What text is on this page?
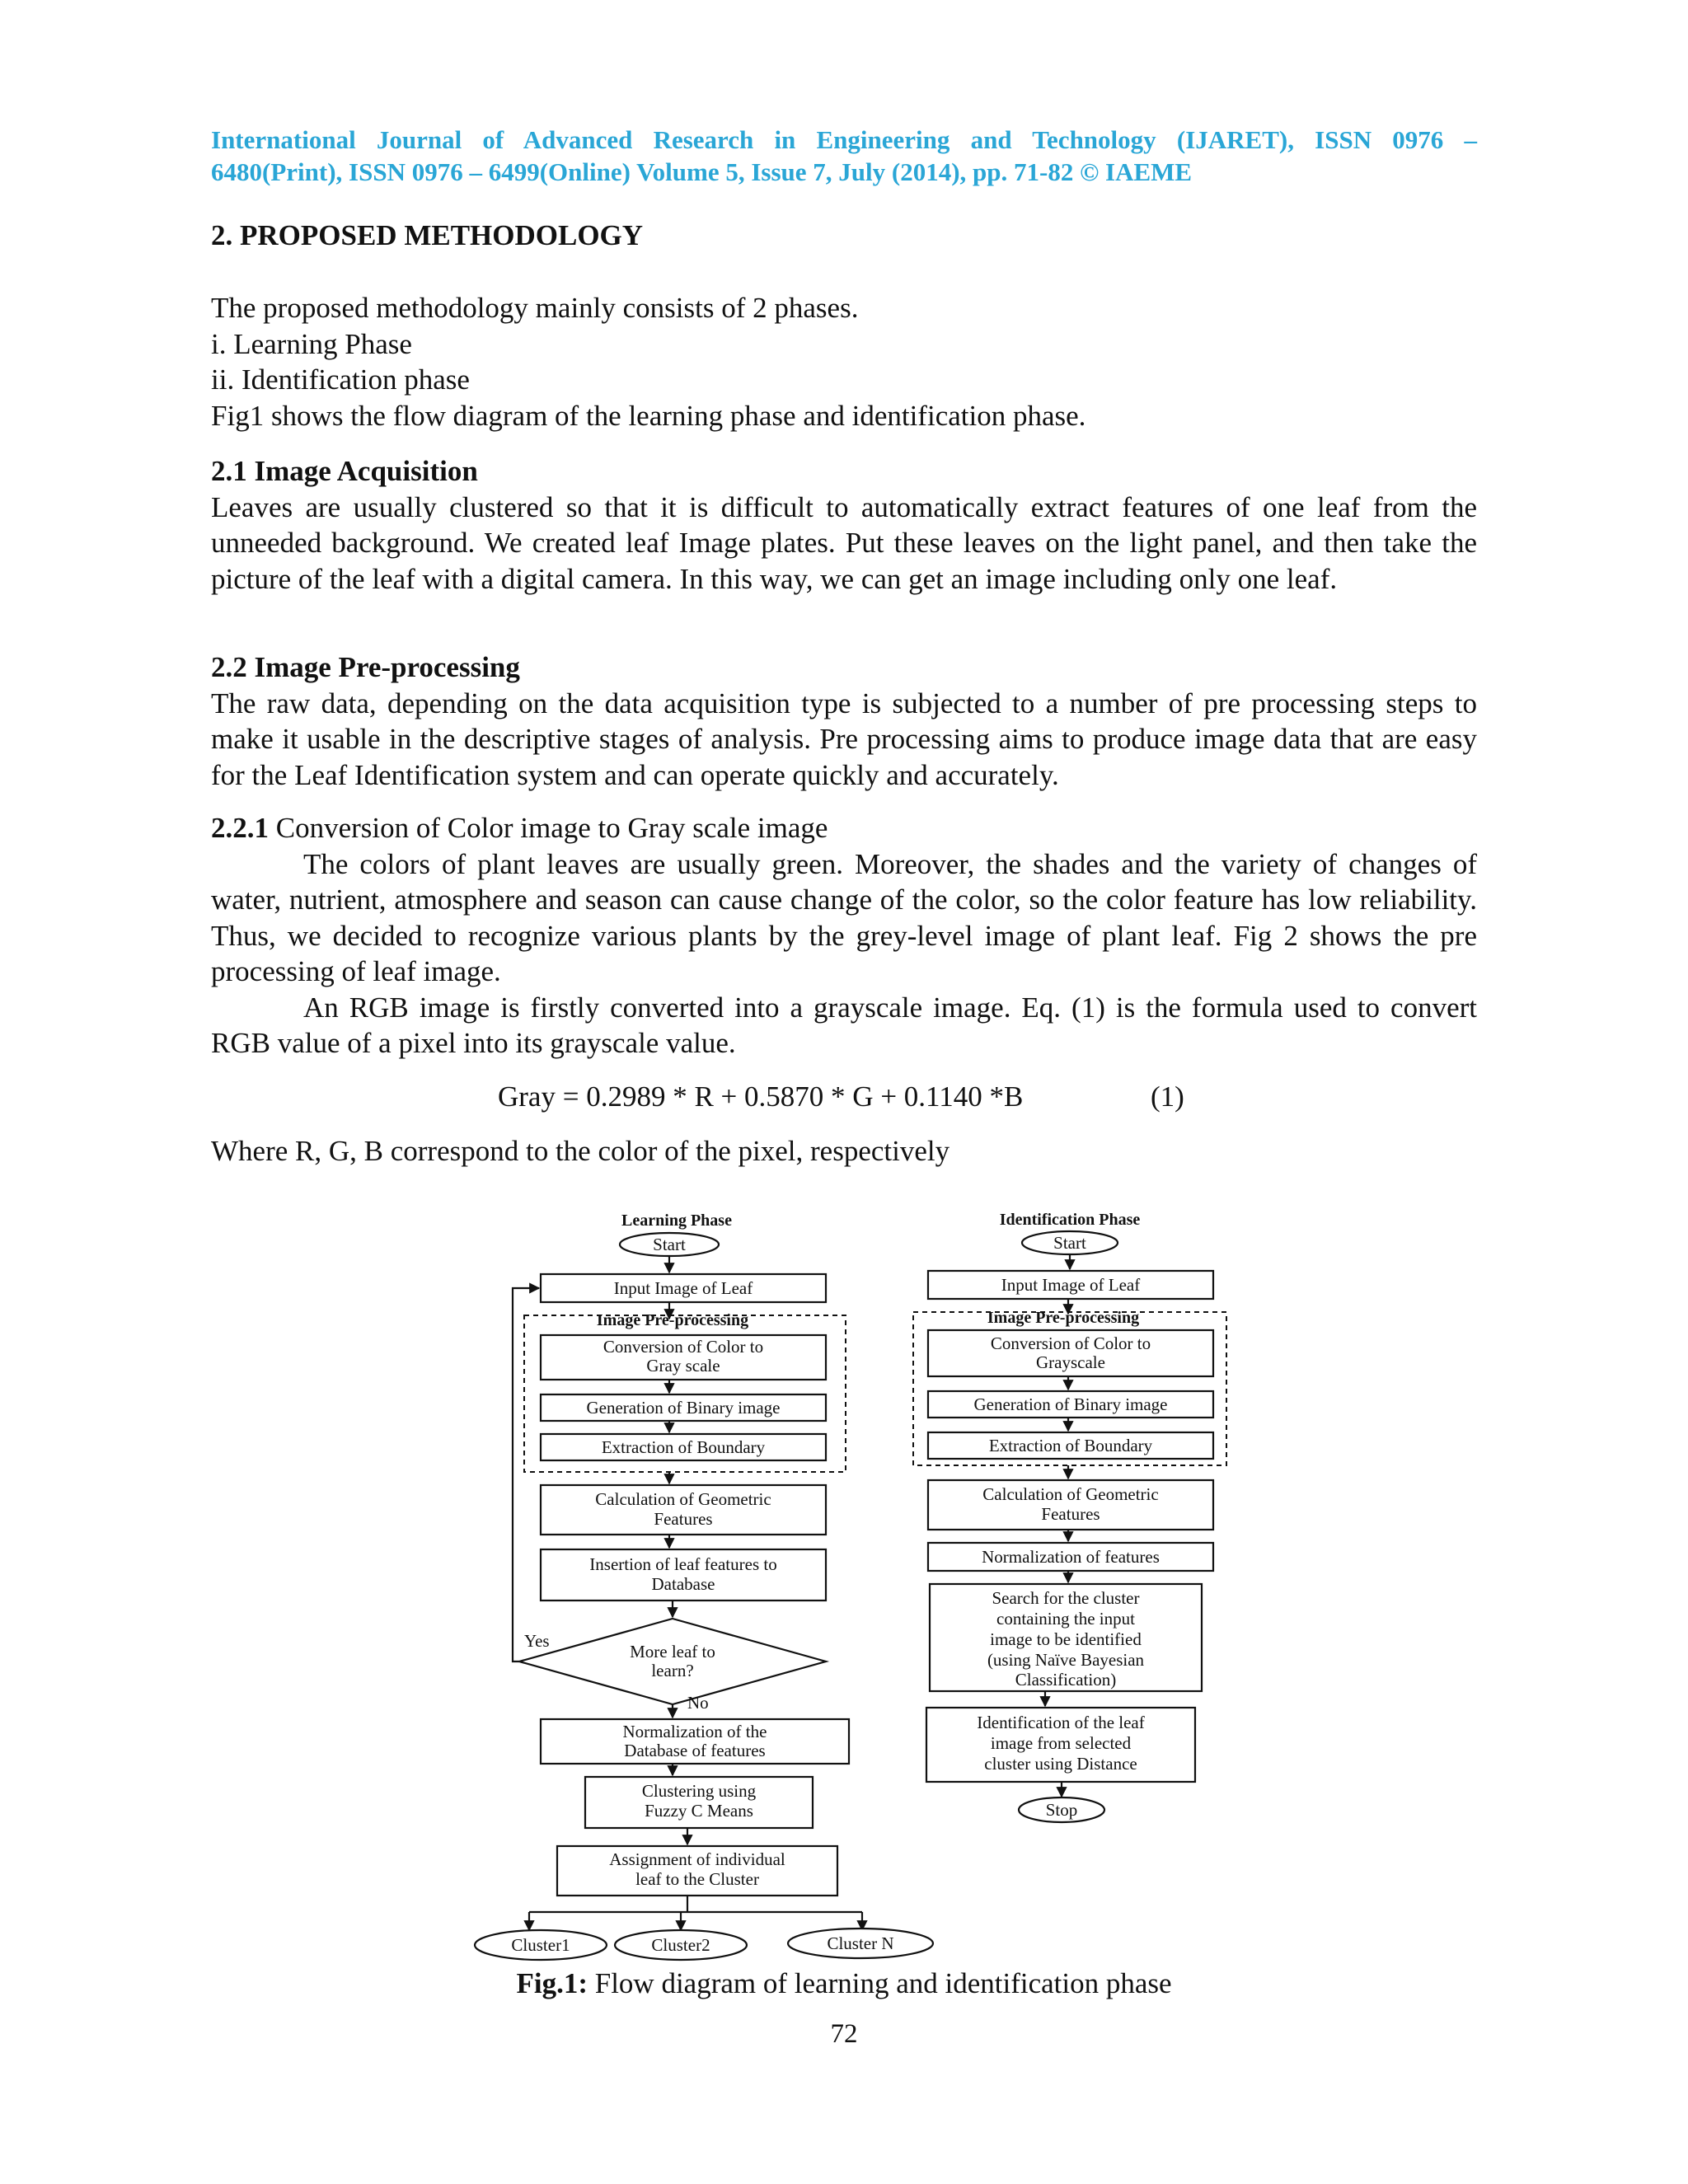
International Journal of Advanced Research in Engineering and Technology (IJARET), ISSN 0976 –
6480(Print), ISSN 0976 – 6499(Online) Volume 5, Issue 7, July (2014), pp. 71-82 © IAEME
2. PROPOSED METHODOLOGY
The proposed methodology mainly consists of 2 phases.
i. Learning Phase
ii. Identification phase
Fig1 shows the flow diagram of the learning phase and identification phase.
2.1 Image Acquisition
Leaves are usually clustered so that it is difficult to automatically extract features of one leaf from the unneeded background. We created leaf Image plates. Put these leaves on the light panel, and then take the picture of the leaf with a digital camera. In this way, we can get an image including only one leaf.
2.2 Image Pre-processing
The raw data, depending on the data acquisition type is subjected to a number of pre processing steps to make it usable in the descriptive stages of analysis. Pre processing aims to produce image data that are easy for the Leaf Identification system and can operate quickly and accurately.
2.2.1 Conversion of Color image to Gray scale image
The colors of plant leaves are usually green. Moreover, the shades and the variety of changes of water, nutrient, atmosphere and season can cause change of the color, so the color feature has low reliability. Thus, we decided to recognize various plants by the grey-level image of plant leaf. Fig 2 shows the pre processing of leaf image.
An RGB image is firstly converted into a grayscale image. Eq. (1) is the formula used to convert RGB value of a pixel into its grayscale value.
Gray = 0.2989 * R + 0.5870 * G + 0.1140 *B	(1)
Where R, G, B correspond to the color of the pixel, respectively
Learning Phase
Start
Input Image of Leaf
Image Pre-processing
Conversion of Color to
Gray scale
Generation of Binary image
Extraction of Boundary
Calculation of Geometric
Features
Insertion of leaf features to
Database
More leaf to
learn?
Yes
No
Normalization of the
Database of features
Clustering using
Fuzzy C Means
Assignment of individual
leaf to the Cluster
Cluster1	Cluster2	Cluster N
Identification Phase
Start
Input Image of Leaf
Image Pre-processing
Conversion of Color to
Grayscale
Generation of Binary image
Extraction of Boundary
Calculation of Geometric
Features
Normalization of features
Search for the cluster
containing the input
image to be identified
(using Naïve Bayesian
Classification)
Identification of the leaf
image from selected
cluster using Distance
Stop
Fig.1: Flow diagram of learning and identification phase
72
